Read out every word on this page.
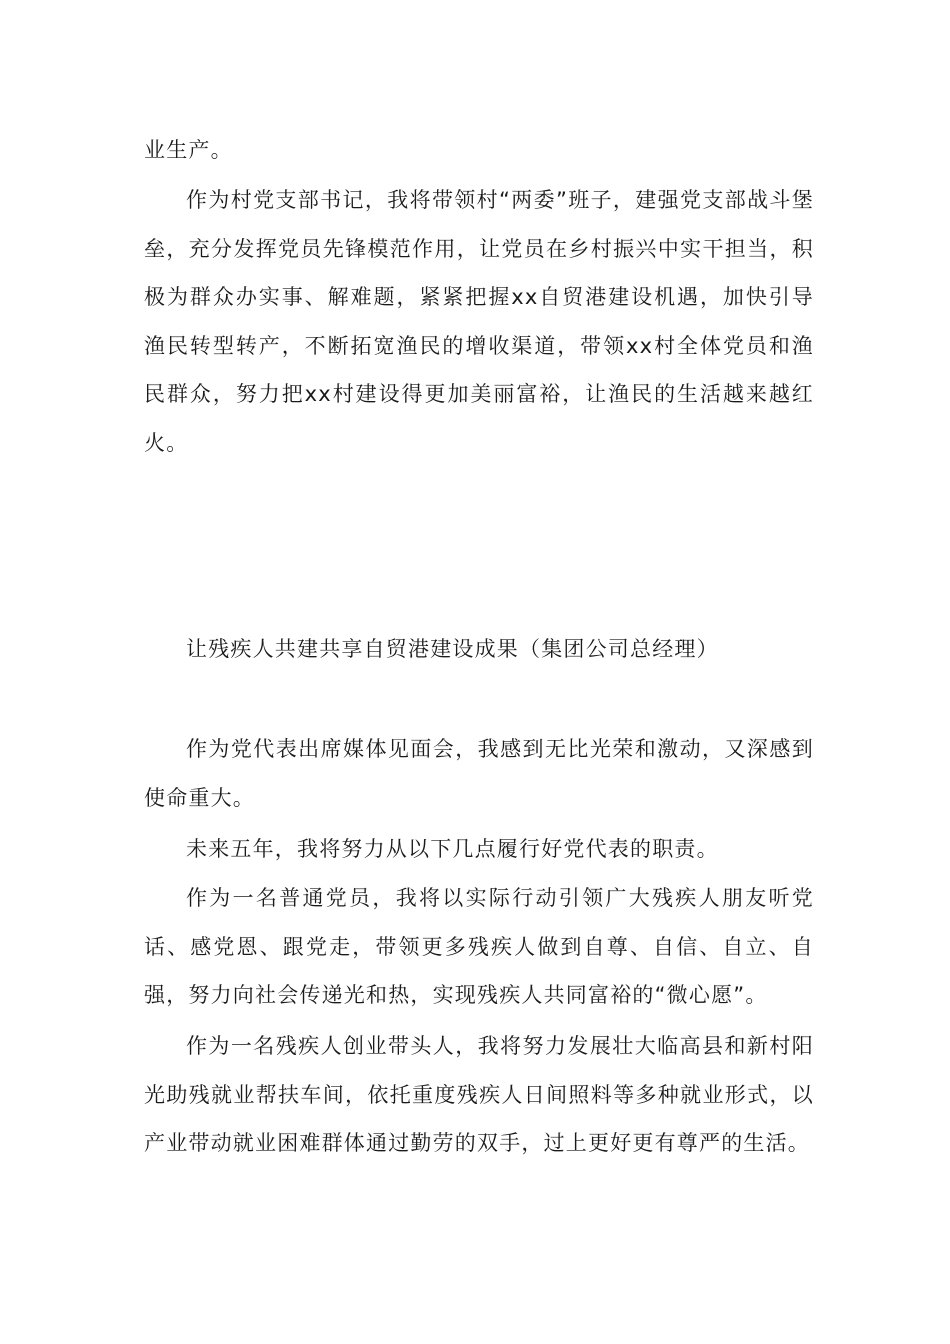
业生产。

作为村党支部书记，我将带领村“两委”班子，建强党支部战斗堡垒，充分发挥党员先锋模范作用，让党员在乡村振兴中实干担当，积极为群众办实事、解难题，紧紧把握xx自贸港建设机遇，加快引导渔民转型转产，不断拓宽渔民的增收渠道，带领xx村全体党员和渔民群众，努力把xx村建设得更加美丽富裕，让渔民的生活越来越红火。

让残疾人共建共享自贸港建设成果（集团公司总经理）

作为党代表出席媒体见面会，我感到无比光荣和激动，又深感到使命重大。

未来五年，我将努力从以下几点履行好党代表的职责。

作为一名普通党员，我将以实际行动引领广大残疾人朋友听党话、感党恩、跟党走，带领更多残疾人做到自尊、自信、自立、自强，努力向社会传递光和热，实现残疾人共同富裕的“微心愿”。

作为一名残疾人创业带头人，我将努力发展壮大临高县和新村阳光助残就业帮扶车间，依托重度残疾人日间照料等多种就业形式，以产业带动就业困难群体通过勤劳的双手，过上更好更有尊严的生活。
